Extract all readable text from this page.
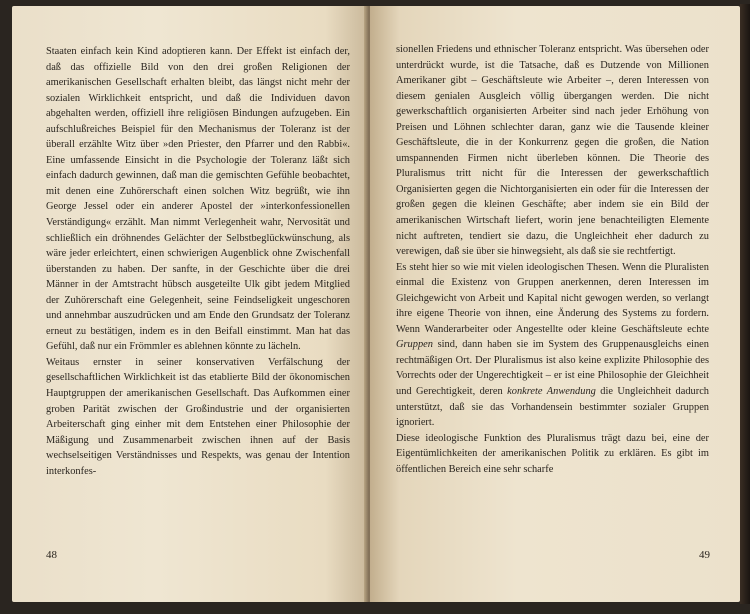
Staaten einfach kein Kind adoptieren kann. Der Effekt ist einfach der, daß das offizielle Bild von den drei großen Religionen der amerikanischen Gesellschaft erhalten bleibt, das längst nicht mehr der sozialen Wirklichkeit entspricht, und daß die Individuen davon abgehalten werden, offiziell ihre religiösen Bindungen aufzugeben. Ein aufschlußreiches Beispiel für den Mechanismus der Toleranz ist der überall erzählte Witz über »den Priester, den Pfarrer und den Rabbi«. Eine umfassende Einsicht in die Psychologie der Toleranz läßt sich einfach dadurch gewinnen, daß man die gemischten Gefühle beobachtet, mit denen eine Zuhörerschaft einen solchen Witz begrüßt, wie ihn George Jessel oder ein anderer Apostel der »interkonfessionellen Verständigung« erzählt. Man nimmt Verlegenheit wahr, Nervosität und schließlich ein dröhnendes Gelächter der Selbstbeglückwünschung, als wäre jeder erleichtert, einen schwierigen Augenblick ohne Zwischenfall überstanden zu haben. Der sanfte, in der Geschichte über die drei Männer in der Amtstracht hübsch ausgeteilte Ulk gibt jedem Mitglied der Zuhörerschaft eine Gelegenheit, seine Feindseligkeit ungeschoren und annehmbar auszudrücken und am Ende den Grundsatz der Toleranz erneut zu bestätigen, indem es in den Beifall einstimmt. Man hat das Gefühl, daß nur ein Frömmler es ablehnen könnte zu lächeln.

Weitaus ernster in seiner konservativen Verfälschung der gesellschaftlichen Wirklichkeit ist das etablierte Bild der ökonomischen Hauptgruppen der amerikanischen Gesellschaft. Das Aufkommen einer groben Parität zwischen der Großindustrie und der organisierten Arbeiterschaft ging einher mit dem Entstehen einer Philosophie der Mäßigung und Zusammenarbeit zwischen ihnen auf der Basis wechselseitigen Verständnisses und Respekts, was genau der Intention interkonfes-

48

sionellen Friedens und ethnischer Toleranz entspricht. Was übersehen oder unterdrückt wurde, ist die Tatsache, daß es Dutzende von Millionen Amerikaner gibt – Geschäftsleute wie Arbeiter –, deren Interessen von diesem genialen Ausgleich völlig übergangen werden. Die nicht gewerkschaftlich organisierten Arbeiter sind nach jeder Erhöhung von Preisen und Löhnen schlechter daran, ganz wie die Tausende kleiner Geschäftsleute, die in der Konkurrenz gegen die großen, die Nation umspannenden Firmen nicht überleben können. Die Theorie des Pluralismus tritt nicht für die Interessen der gewerkschaftlich Organisierten gegen die Nichtorganisierten ein oder für die Interessen der großen gegen die kleinen Geschäfte; aber indem sie ein Bild der amerikanischen Wirtschaft liefert, worin jene benachteiligten Elemente nicht auftreten, tendiert sie dazu, die Ungleichheit eher dadurch zu verewigen, daß sie über sie hinwegsieht, als daß sie sie rechtfertigt.

Es steht hier so wie mit vielen ideologischen Thesen. Wenn die Pluralisten einmal die Existenz von Gruppen anerkennen, deren Interessen im Gleichgewicht von Arbeit und Kapital nicht gewogen werden, so verlangt ihre eigene Theorie von ihnen, eine Änderung des Systems zu fordern. Wenn Wanderarbeiter oder Angestellte oder kleine Geschäftsleute echte Gruppen sind, dann haben sie im System des Gruppenausgleichs einen rechtmäßigen Ort. Der Pluralismus ist also keine explizite Philosophie des Vorrechts oder der Ungerechtigkeit – er ist eine Philosophie der Gleichheit und Gerechtigkeit, deren konkrete Anwendung die Ungleichheit dadurch unterstützt, daß sie das Vorhandensein bestimmter sozialer Gruppen ignoriert.

Diese ideologische Funktion des Pluralismus trägt dazu bei, eine der Eigentümlichkeiten der amerikanischen Politik zu erklären. Es gibt im öffentlichen Bereich eine sehr scharfe

49
